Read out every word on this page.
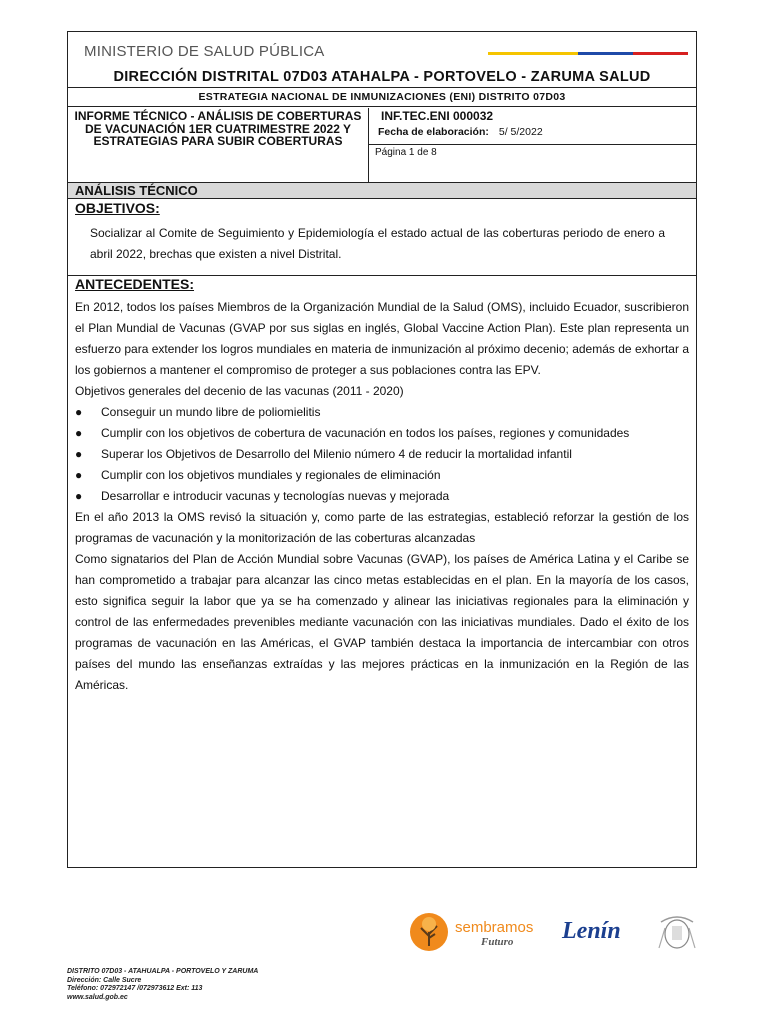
MINISTERIO DE SALUD PÚBLICA
DIRECCIÓN DISTRITAL 07D03 ATAHALPA - PORTOVELO - ZARUMA SALUD
ESTRATEGIA NACIONAL DE INMUNIZACIONES (ENI) DISTRITO 07D03
INFORME TÉCNICO - ANÁLISIS DE COBERTURAS DE VACUNACIÓN 1ER CUATRIMESTRE 2022 Y ESTRATEGIAS PARA SUBIR COBERTURAS
INF.TEC.ENI 000032
Fecha de elaboración: 5/ 5/2022
Página 1 de 8
ANÁLISIS TÉCNICO
OBJETIVOS:
Socializar al Comite de Seguimiento y Epidemiología el estado actual de las coberturas periodo de enero a abril 2022, brechas que existen a nivel Distrital.
ANTECEDENTES:

En 2012, todos los países Miembros de la Organización Mundial de la Salud (OMS), incluido Ecuador, suscribieron el Plan Mundial de Vacunas (GVAP por sus siglas en inglés, Global Vaccine Action Plan). Este plan representa un esfuerzo para extender los logros mundiales en materia de inmunización al próximo decenio; además de exhortar a los gobiernos a mantener el compromiso de proteger a sus poblaciones contra las EPV.

Objetivos generales del decenio de las vacunas (2011 - 2020)

●	Conseguir un mundo libre de poliomielitis
●	Cumplir con los objetivos de cobertura de vacunación en todos los países, regiones y comunidades
●	Superar los Objetivos de Desarrollo del Milenio número 4 de reducir la mortalidad infantil
●	Cumplir con los objetivos mundiales y regionales de eliminación
●	Desarrollar e introducir vacunas y tecnologías nuevas y mejorada

En el año 2013 la OMS revisó la situación y, como parte de las estrategias, estableció reforzar la gestión de los programas de vacunación y la monitorización de las coberturas alcanzadas

Como signatarios del Plan de Acción Mundial sobre Vacunas (GVAP), los países de América Latina y el Caribe se han comprometido a trabajar para alcanzar las cinco metas establecidas en el plan. En la mayoría de los casos, esto significa seguir la labor que ya se ha comenzado y alinear las iniciativas regionales para la eliminación y control de las enfermedades prevenibles mediante vacunación con las iniciativas mundiales. Dado el éxito de los programas de vacunación en las Américas, el GVAP también destaca la importancia de intercambiar con otros países del mundo las enseñanzas extraídas y las mejores prácticas en la inmunización en la Región de las Américas.

sembramos
Futuro Lenín
DISTRITO 07D03 - ATAHUALPA - PORTOVELO Y ZARUMA
Dirección: Calle Sucre
Teléfono: 072972147 /072973612 Ext: 113
www.salud.gob.ec
